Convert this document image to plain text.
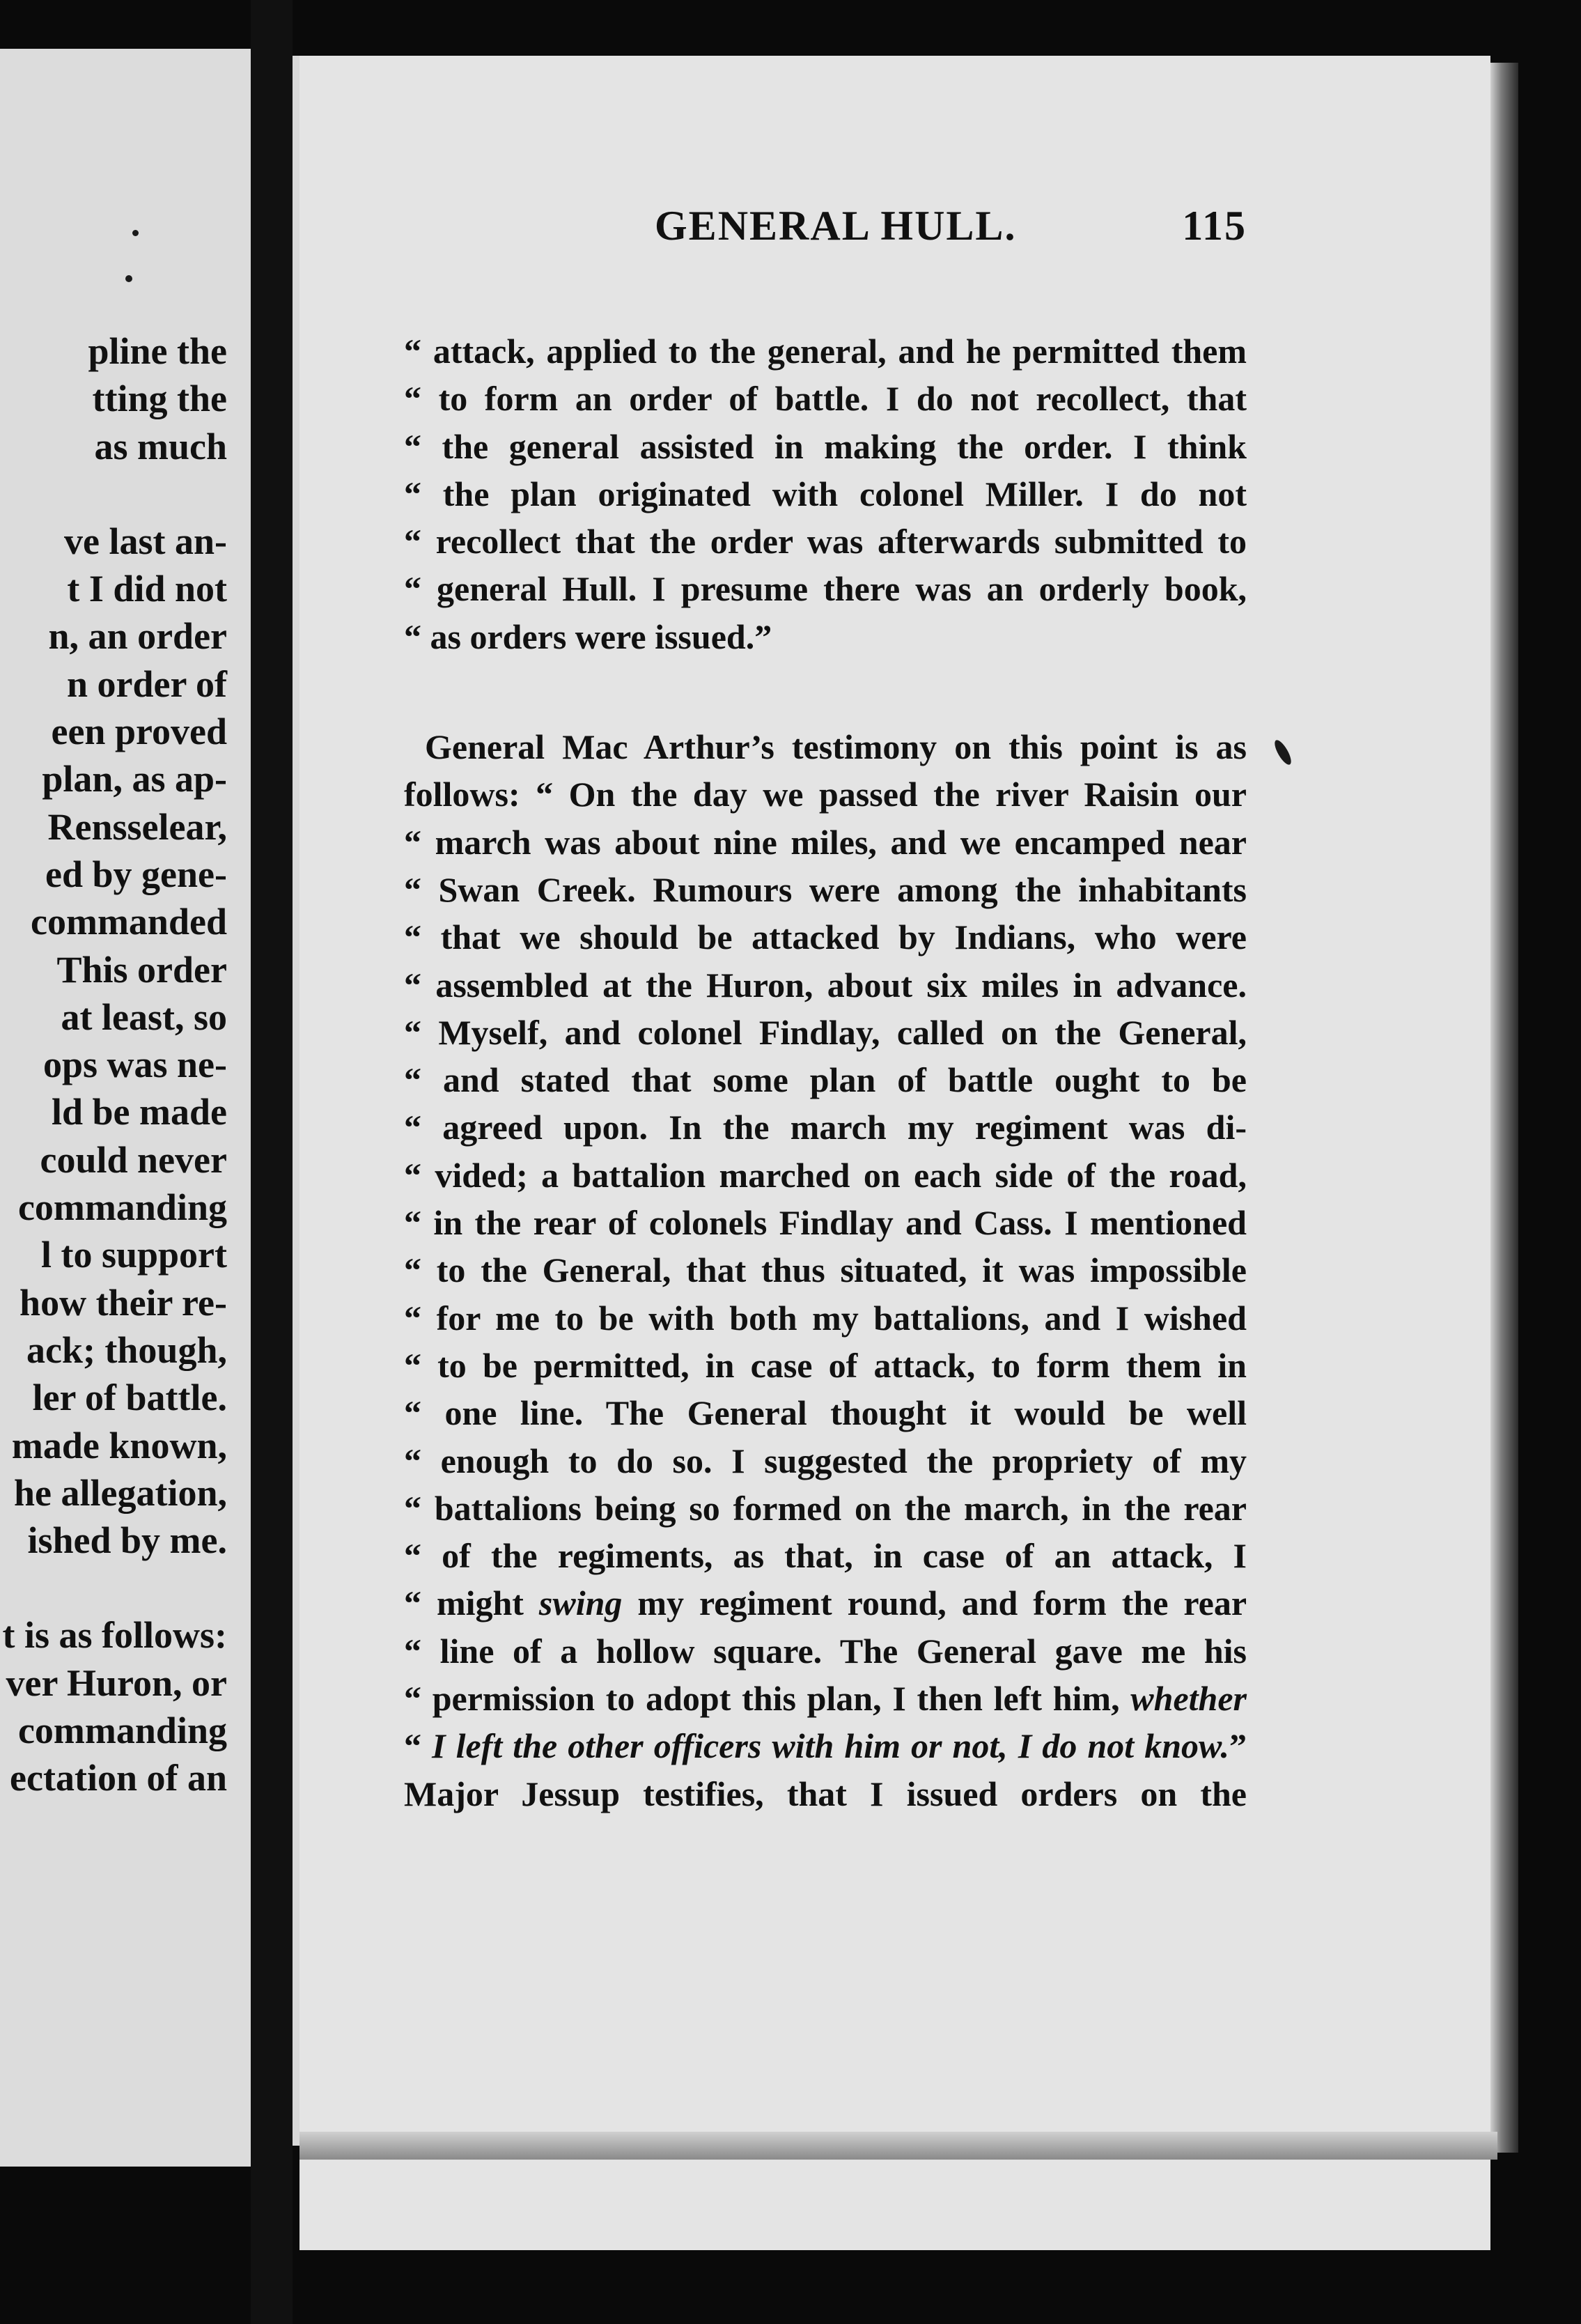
pline the
tting the
as much
ve last an-
t I did not
n, an order
n order of
een proved
plan, as ap-
Rensselear,
ed by gene-
commanded
This order
at least, so
ops was ne-
ld be made
could never
commanding
l to support
how their re-
ack; though,
ler of battle.
made known,
he allegation,
ished by me.
t is as follows:
ver Huron, or
commanding
ectation of an
GENERAL HULL.	115
“ attack, applied to the general, and he permitted them
“ to form an order of battle. I do not recollect, that
“ the general assisted in making the order. I think
“ the plan originated with colonel Miller. I do not
“ recollect that the order was afterwards submitted to
“ general Hull. I presume there was an orderly book,
“ as orders were issued.”
General Mac Arthur’s testimony on this point is as
follows: “ On the day we passed the river Raisin our
“ march was about nine miles, and we encamped near
“ Swan Creek. Rumours were among the inhabitants
“ that we should be attacked by Indians, who were
“ assembled at the Huron, about six miles in advance.
“ Myself, and colonel Findlay, called on the General,
“ and stated that some plan of battle ought to be
“ agreed upon. In the march my regiment was di-
“ vided; a battalion marched on each side of the road,
“ in the rear of colonels Findlay and Cass. I mentioned
“ to the General, that thus situated, it was impossible
“ for me to be with both my battalions, and I wished
“ to be permitted, in case of attack, to form them in
“ one line. The General thought it would be well
“ enough to do so. I suggested the propriety of my
“ battalions being so formed on the march, in the rear
“ of the regiments, as that, in case of an attack, I
“ might swing my regiment round, and form the rear
“ line of a hollow square. The General gave me his
“ permission to adopt this plan, I then left him, whether
“ I left the other officers with him or not, I do not know.”
Major Jessup testifies, that I issued orders on the
